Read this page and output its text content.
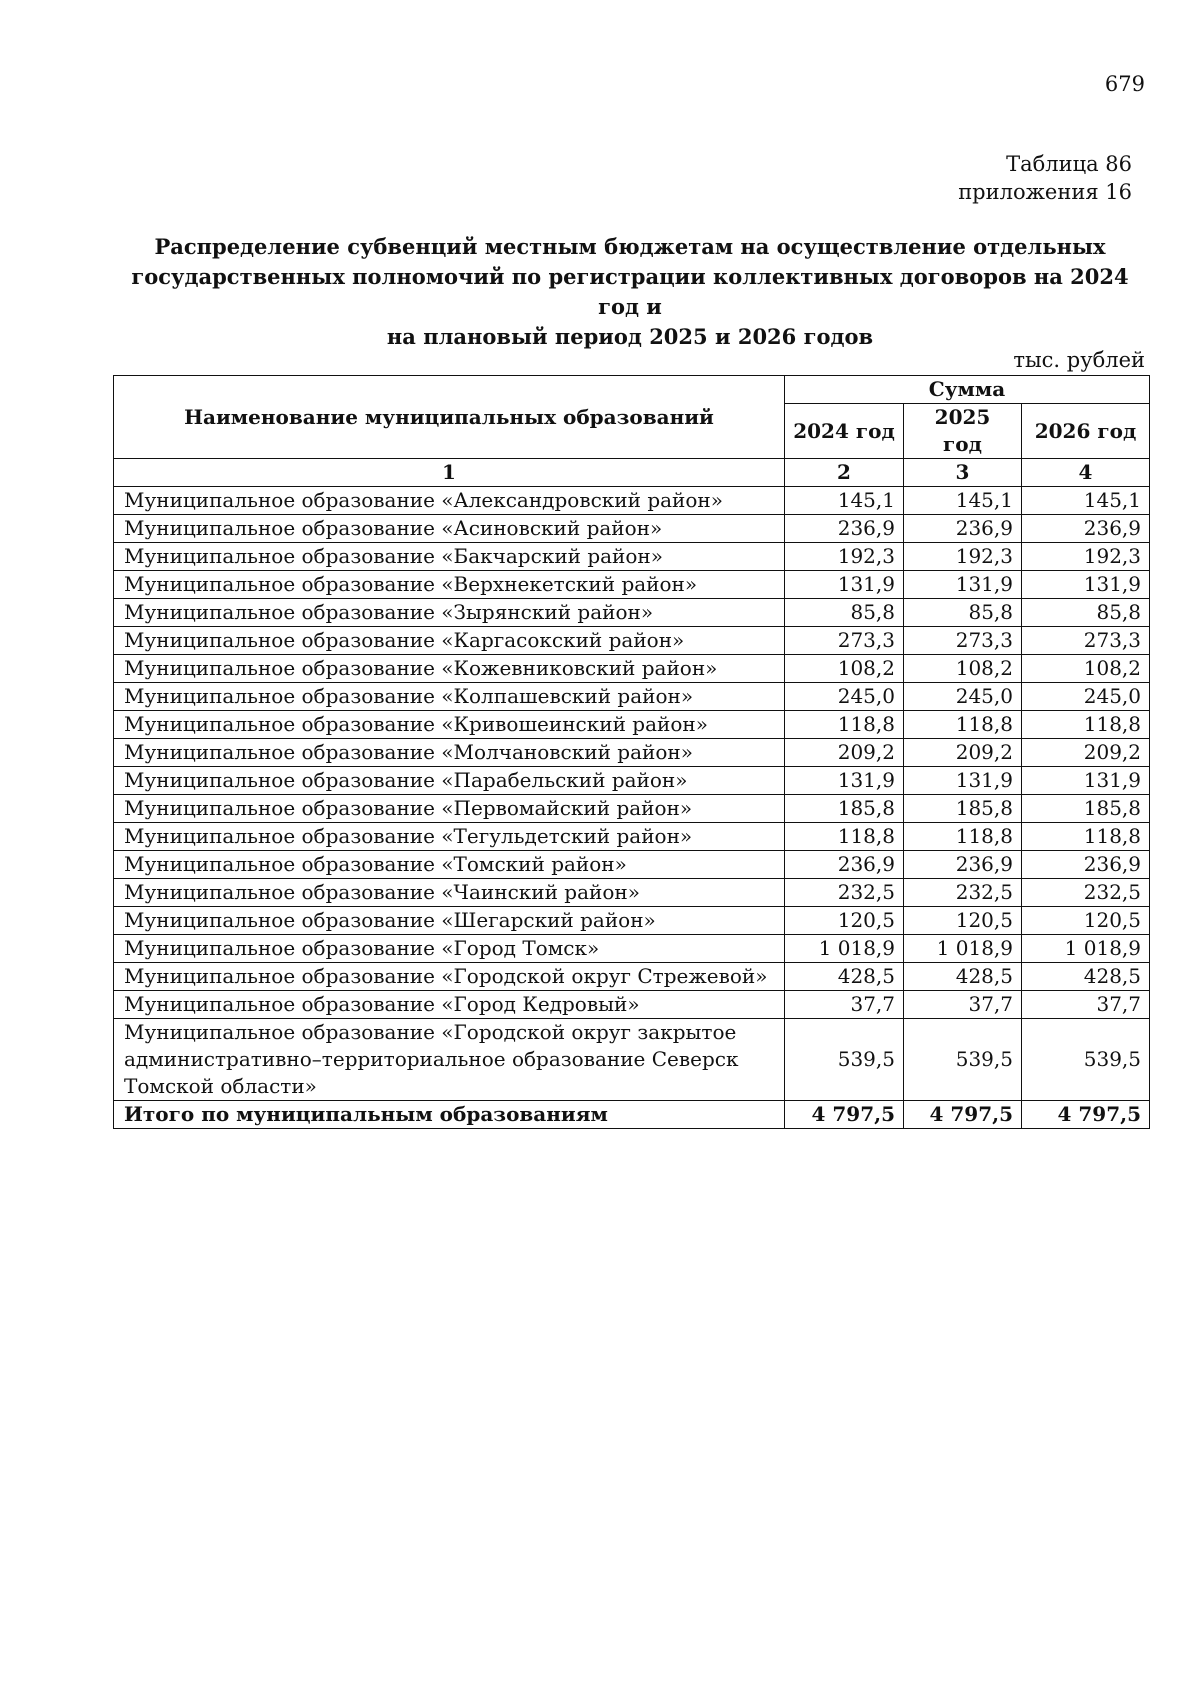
679
Таблица 86
приложения 16
Распределение субвенций местным бюджетам на осуществление отдельных
государственных полномочий по регистрации коллективных договоров на 2024 год и
на плановый период 2025 и 2026 годов
тыс. рублей
Наименование муниципальных образований	Сумма		
	2024 год	2025 год	2026 год
1	2	3	4
Муниципальное образование «Александровский район»	145,1	145,1	145,1
Муниципальное образование «Асиновский район»	236,9	236,9	236,9
Муниципальное образование «Бакчарский район»	192,3	192,3	192,3
Муниципальное образование «Верхнекетский район»	131,9	131,9	131,9
Муниципальное образование «Зырянский район»	85,8	85,8	85,8
Муниципальное образование «Каргасокский район»	273,3	273,3	273,3
Муниципальное образование «Кожевниковский район»	108,2	108,2	108,2
Муниципальное образование «Колпашевский район»	245,0	245,0	245,0
Муниципальное образование «Кривошеинский район»	118,8	118,8	118,8
Муниципальное образование «Молчановский район»	209,2	209,2	209,2
Муниципальное образование «Парабельский район»	131,9	131,9	131,9
Муниципальное образование «Первомайский район»	185,8	185,8	185,8
Муниципальное образование «Тегульдетский район»	118,8	118,8	118,8
Муниципальное образование «Томский район»	236,9	236,9	236,9
Муниципальное образование «Чаинский район»	232,5	232,5	232,5
Муниципальное образование «Шегарский район»	120,5	120,5	120,5
Муниципальное образование «Город Томск»	1 018,9	1 018,9	1 018,9
Муниципальное образование «Городской округ Стрежевой»	428,5	428,5	428,5
Муниципальное образование «Город Кедровый»	37,7	37,7	37,7
Муниципальное образование «Городской округ закрытое административно–территориальное образование Северск Томской области»	539,5	539,5	539,5
Итого по муниципальным образованиям	4 797,5	4 797,5	4 797,5
